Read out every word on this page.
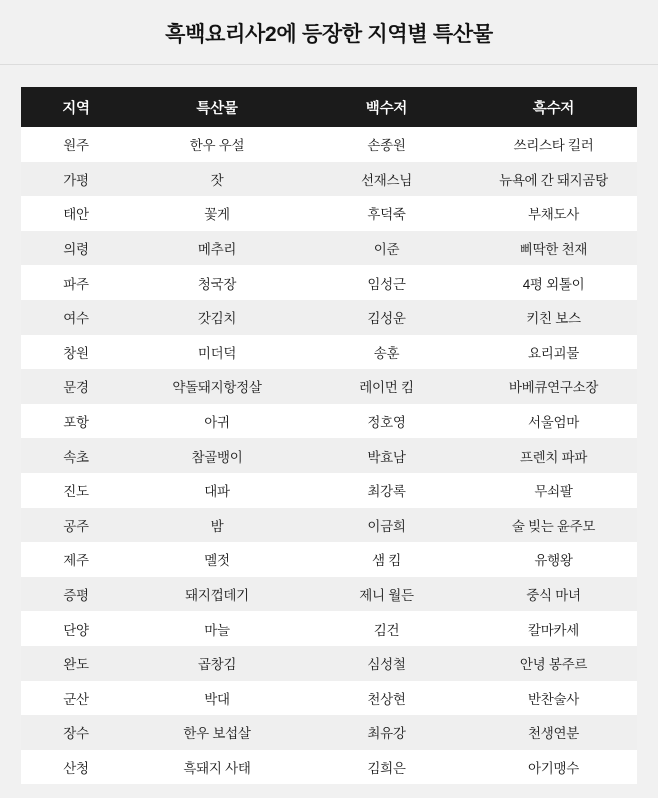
흑백요리사2에 등장한 지역별 특산물
지역	특산물	백수저	흑수저
원주	한우 우설	손종원	쓰리스타 킬러
가평	잣	선재스님	뉴욕에 간 돼지곰탕
태안	꽃게	후덕죽	부채도사
의령	메추리	이준	삐딱한 천재
파주	청국장	임성근	4평 외톨이
여수	갓김치	김성운	키친 보스
창원	미더덕	송훈	요리괴물
문경	약돌돼지항정살	레이먼 킴	바베큐연구소장
포항	아귀	정호영	서울엄마
속초	참골뱅이	박효남	프렌치 파파
진도	대파	최강록	무쇠팔
공주	밤	이금희	술 빚는 윤주모
제주	멜젓	샘 킴	유행왕
증평	돼지껍데기	제니 월든	중식 마녀
단양	마늘	김건	칼마카세
완도	곱창김	심성철	안녕 봉주르
군산	박대	천상현	반찬술사
장수	한우 보섭살	최유강	천생연분
산청	흑돼지 사태	김희은	아기맹수
